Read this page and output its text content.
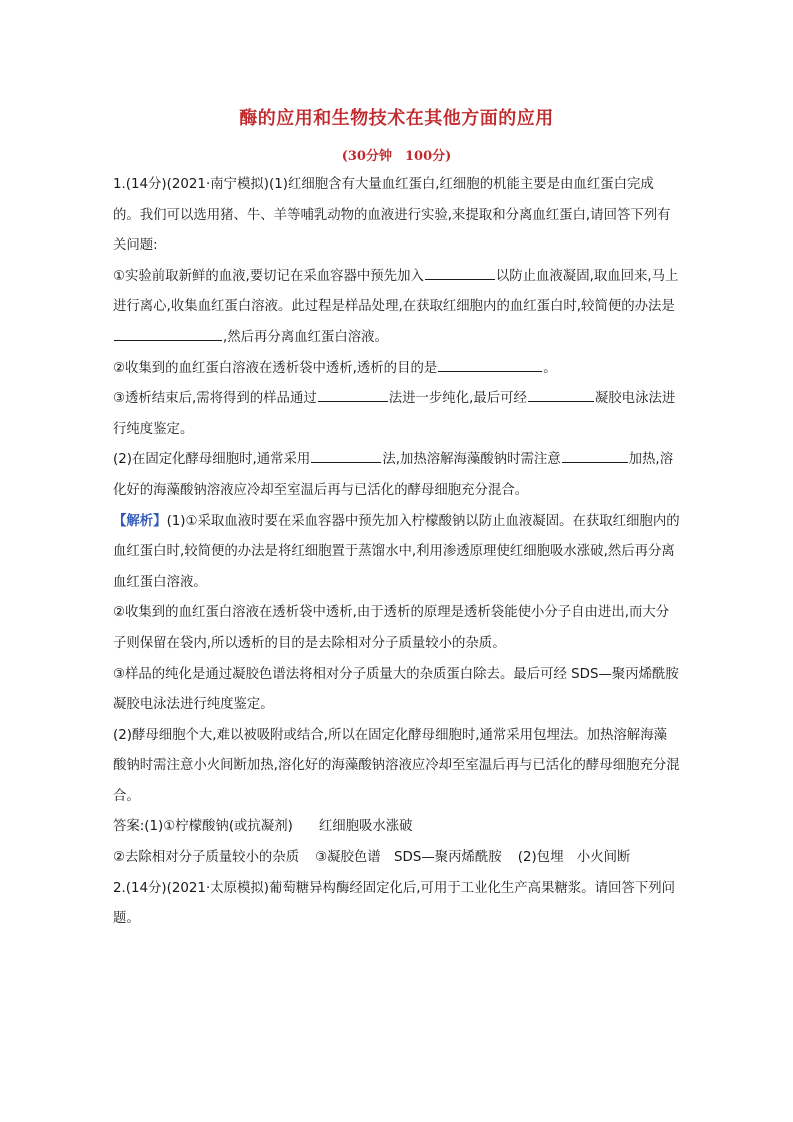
酶的应用和生物技术在其他方面的应用
(30分钟　100分)

1.(14分)(2021·南宁模拟)(1)红细胞含有大量血红蛋白,红细胞的机能主要是由血红蛋白完成的。我们可以选用猪、牛、羊等哺乳动物的血液进行实验,来提取和分离血红蛋白,请回答下列有关问题:

①实验前取新鲜的血液,要切记在采血容器中预先加入	以防止血液凝固,取血回来,马上进行离心,收集血红蛋白溶液。此过程是样品处理,在获取红细胞内的血红蛋白时,较简便的办法是,然后再分离血红蛋白溶液。

②收集到的血红蛋白溶液在透析袋中透析,透析的目的是	。

③透析结束后,需将得到的样品通过	法进一步纯化,最后可经	凝胶电泳法进行纯度鉴定。

(2)在固定化酵母细胞时,通常采用	法,加热溶解海藻酸钠时需注意	加热,溶化好的海藻酸钠溶液应冷却至室温后再与已活化的酵母细胞充分混合。

【解析】(1)①采取血液时要在采血容器中预先加入柠檬酸钠以防止血液凝固。在获取红细胞内的血红蛋白时,较简便的办法是将红细胞置于蒸馏水中,利用渗透原理使红细胞吸水涨破,然后再分离血红蛋白溶液。

②收集到的血红蛋白溶液在透析袋中透析,由于透析的原理是透析袋能使小分子自由进出,而大分子则保留在袋内,所以透析的目的是去除相对分子质量较小的杂质。

③样品的纯化是通过凝胶色谱法将相对分子质量大的杂质蛋白除去。最后可经 SDS—聚丙烯酰胺凝胶电泳法进行纯度鉴定。

(2)酵母细胞个大,难以被吸附或结合,所以在固定化酵母细胞时,通常采用包埋法。加热溶解海藻酸钠时需注意小火间断加热,溶化好的海藻酸钠溶液应冷却至室温后再与已活化的酵母细胞充分混合。

答案:(1)①柠檬酸钠(或抗凝剂) 红细胞吸水涨破

②去除相对分子质量较小的杂质 ③凝胶色谱　SDS—聚丙烯酰胺 (2)包埋　小火间断

2.(14分)(2021·太原模拟)葡萄糖异构酶经固定化后,可用于工业化生产高果糖浆。请回答下列问题。
